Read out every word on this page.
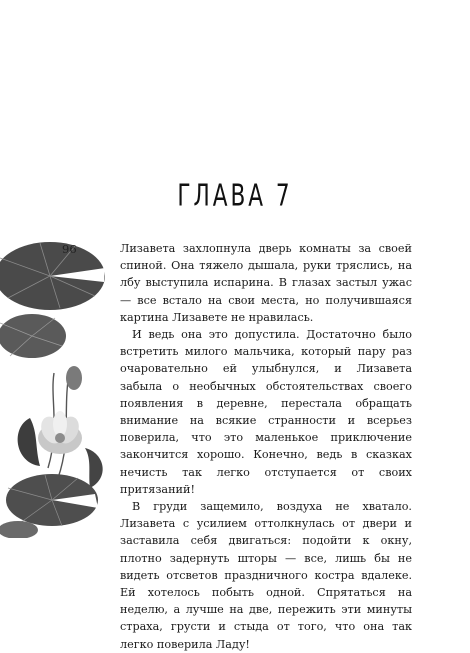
ГЛАВА 7
96	Лизавета захлопнула дверь комнаты за своей спиной. Она тяжело дышала, руки тряслись, на лбу выступила испарина. В глазах застыл ужас — все встало на свои места, но получившаяся картина Лизавете не нравилась.

И ведь она это допустила. Достаточно было встретить милого мальчика, который пару раз очаровательно ей улыбнулся, и Лизавета забыла о необычных обстоятельствах своего появления в деревне, перестала обращать внимание на всякие странности и всерьез поверила, что это маленькое приключение закончится хорошо. Конечно, ведь в сказках нечисть так легко отступается от своих притязаний!

В груди защемило, воздуха не хватало. Лизавета с усилием оттолкнулась от двери и заставила себя двигаться: подойти к окну, плотно задернуть шторы — все, лишь бы не видеть отсветов праздничного костра вдалеке. Ей хотелось побыть одной. Спрятаться на неделю, а лучше на две, пережить эти минуты страха, грусти и стыда от того, что она так легко поверила Ладу!
